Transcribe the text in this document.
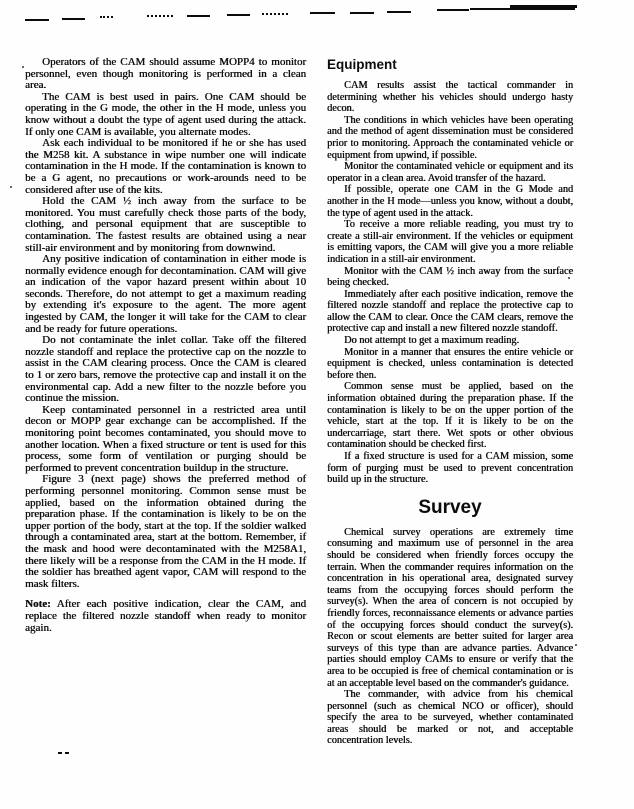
Operators of the CAM should assume MOPP4 to monitor personnel, even though monitoring is performed in a clean area.

The CAM is best used in pairs. One CAM should be operating in the G mode, the other in the H mode, unless you know without a doubt the type of agent used during the attack. If only one CAM is available, you alternate modes.

Ask each individual to be monitored if he or she has used the M258 kit. A substance in wipe number one will indicate contamination in the H mode. If the contamination is known to be a G agent, no precautions or work-arounds need to be considered after use of the kits.

Hold the CAM ½ inch away from the surface to be monitored. You must carefully check those parts of the body, clothing, and personal equipment that are susceptible to contamination. The fastest results are obtained using a near still-air environment and by monitoring from downwind.

Any positive indication of contamination in either mode is normally evidence enough for decontamination. CAM will give an indication of the vapor hazard present within about 10 seconds. Therefore, do not attempt to get a maximum reading by extending it's exposure to the agent. The more agent ingested by CAM, the longer it will take for the CAM to clear and be ready for future operations.

Do not contaminate the inlet collar. Take off the filtered nozzle standoff and replace the protective cap on the nozzle to assist in the CAM clearing process. Once the CAM is cleared to 1 or zero bars, remove the protective cap and install it on the environmental cap. Add a new filter to the nozzle before you continue the mission.

Keep contaminated personnel in a restricted area until decon or MOPP gear exchange can be accomplished. If the monitoring point becomes contaminated, you should move to another location. When a fixed structure or tent is used for this process, some form of ventilation or purging should be performed to prevent concentration buildup in the structure.

Figure 3 (next page) shows the preferred method of performing personnel monitoring. Common sense must be applied, based on the information obtained during the preparation phase. If the contamination is likely to be on the upper portion of the body, start at the top. If the soldier walked through a contaminated area, start at the bottom. Remember, if the mask and hood were decontaminated with the M258A1, there likely will be a response from the CAM in the H mode. If the soldier has breathed agent vapor, CAM will respond to the mask filters.

Note: After each positive indication, clear the CAM, and replace the filtered nozzle standoff when ready to monitor again.

Equipment

CAM results assist the tactical commander in determining whether his vehicles should undergo hasty decon.

The conditions in which vehicles have been operating and the method of agent dissemination must be considered prior to monitoring. Approach the contaminated vehicle or equipment from upwind, if possible.

Monitor the contaminated vehicle or equipment and its operator in a clean area. Avoid transfer of the hazard.

If possible, operate one CAM in the G Mode and another in the H mode—unless you know, without a doubt, the type of agent used in the attack.

To receive a more reliable reading, you must try to create a still-air environment. If the vehicles or equipment is emitting vapors, the CAM will give you a more reliable indication in a still-air environment.

Monitor with the CAM ½ inch away from the surface being checked.

Immediately after each positive indication, remove the filtered nozzle standoff and replace the protective cap to allow the CAM to clear. Once the CAM clears, remove the protective cap and install a new filtered nozzle standoff.

Do not attempt to get a maximum reading.

Monitor in a manner that ensures the entire vehicle or equipment is checked, unless contamination is detected before then.

Common sense must be applied, based on the information obtained during the preparation phase. If the contamination is likely to be on the upper portion of the vehicle, start at the top. If it is likely to be on the undercarriage, start there. Wet spots or other obvious contamination should be checked first.

If a fixed structure is used for a CAM mission, some form of purging must be used to prevent concentration build up in the structure.

Survey

Chemical survey operations are extremely time consuming and maximum use of personnel in the area should be considered when friendly forces occupy the terrain. When the commander requires information on the concentration in his operational area, designated survey teams from the occupying forces should perform the survey(s). When the area of concern is not occupied by friendly forces, reconnaissance elements or advance parties of the occupying forces should conduct the survey(s). Recon or scout elements are better suited for larger area surveys of this type than are advance parties. Advance parties should employ CAMs to ensure or verify that the area to be occupied is free of chemical contamination or is at an acceptable level based on the commander's guidance.

The commander, with advice from his chemical personnel (such as chemical NCO or officer), should specify the area to be surveyed, whether contaminated areas should be marked or not, and acceptable concentration levels.
